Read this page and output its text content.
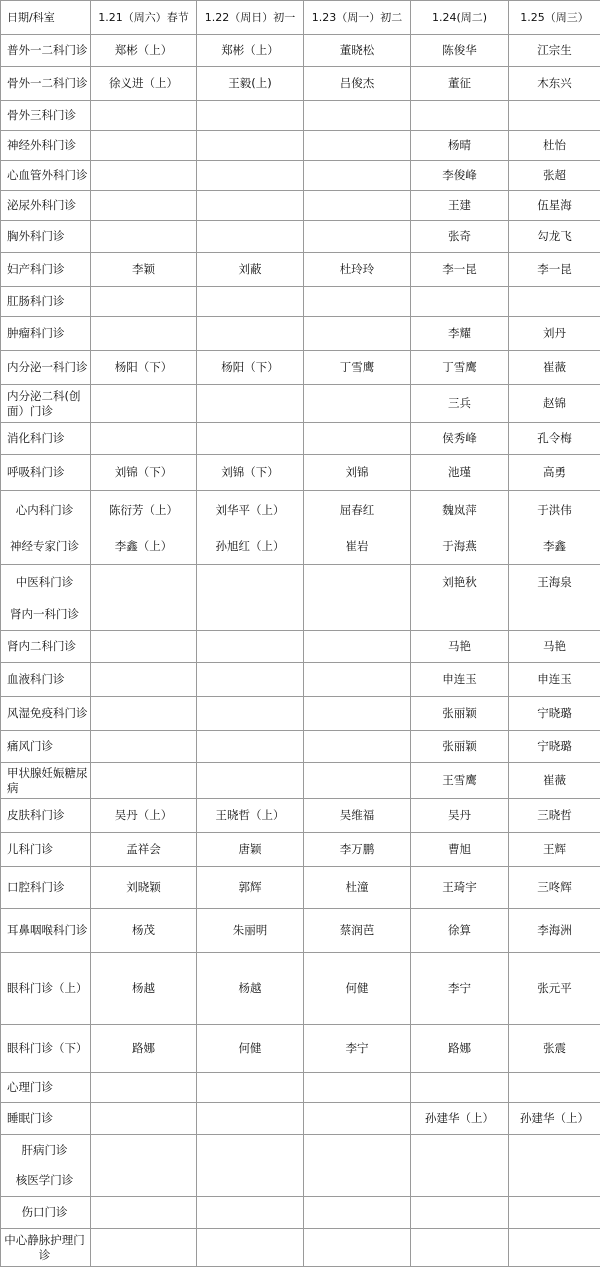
日期/科室	1.21（周六）春节	1.22（周日）初一	1.23（周一）初二	1.24(周二)	1.25（周三）
普外一二科门诊	郑彬（上）	郑彬（上）	董晓松	陈俊华	江宗生
骨外一二科门诊	徐义进（上）	王毅(上)	吕俊杰	董征	木东兴
骨外三科门诊					
神经外科门诊				杨晴	杜怡
心血管外科门诊				李俊峰	张超
泌尿外科门诊				王建	伍星海
胸外科门诊				张奇	勾龙飞
妇产科门诊	李颖	刘蔽	杜玲玲	李一昆	李一昆
肛肠科门诊					
肿瘤科门诊				李耀	刘丹
内分泌一科门诊	杨阳（下）	杨阳（下）	丁雪鹰	丁雪鹰	崔薇
内分泌二科(创面）门诊				三兵	赵锦
消化科门诊				侯秀峰	孔令梅
呼吸科门诊	刘锦（下）	刘锦（下）	刘锦	池瑾	高勇
心内科门诊	陈衍芳（上）	刘华平（上）	屈春红	魏岚萍	于洪伟
神经专家门诊	李鑫（上）	孙旭红（上）	崔岩	于海燕	李鑫
中医科门诊				刘艳秋	王海泉
肾内一科门诊					
肾内二科门诊				马艳	马艳
血液科门诊				申连玉	申连玉
风湿免疫科门诊				张丽颖	宁晓璐
痛风门诊				张丽颖	宁晓璐
甲状腺妊娠糖尿病				王雪鹰	崔薇
皮肤科门诊	吴丹（上）	王晓哲（上）	吴维福	吴丹	三晓哲
儿科门诊	孟祥会	唐颖	李万鹏	曹旭	王辉
口腔科门诊	刘晓颖	郭辉	杜潼	王琦宇	三咚辉
耳鼻咽喉科门诊	杨茂	朱丽明	蔡润芭	徐算	李海洲
眼科门诊（上）	杨越	杨越	何健	李宁	张元平
眼科门诊（下）	路娜	何健	李宁	路娜	张震
心理门诊					
睡眠门诊				孙建华（上）	孙建华（上）
肝病门诊					
核医学门诊					
伤口门诊					
中心静脉护理门诊					
